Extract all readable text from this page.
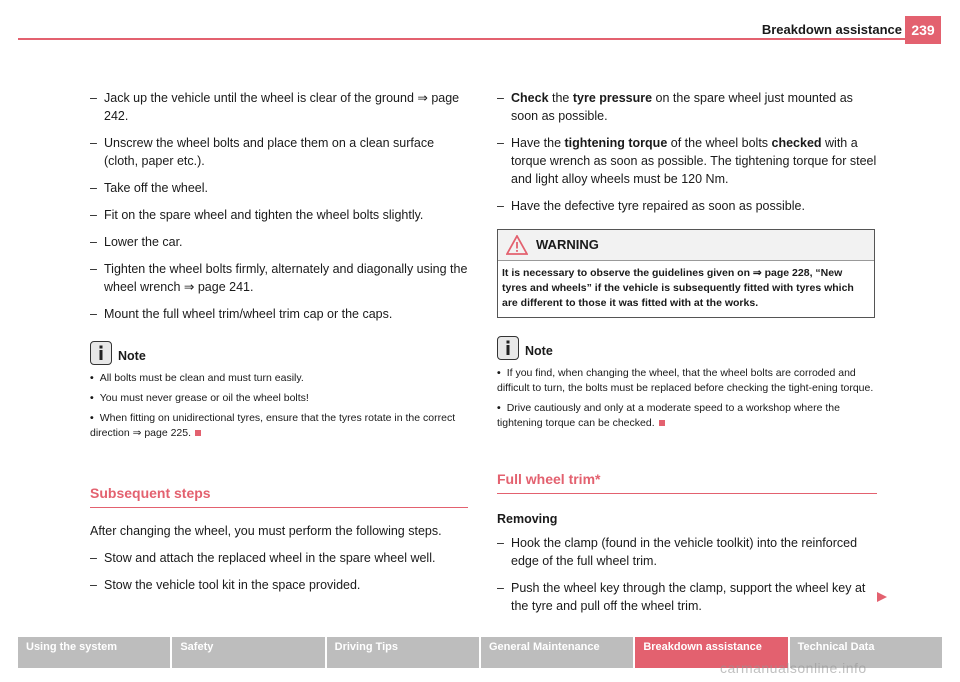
Breakdown assistance 239

– Jack up the vehicle until the wheel is clear of the ground ⇒ page 242.

– Unscrew the wheel bolts and place them on a clean surface (cloth, paper etc.).

– Take off the wheel.

– Fit on the spare wheel and tighten the wheel bolts slightly.

– Lower the car.

– Tighten the wheel bolts firmly, alternately and diagonally using the wheel wrench ⇒ page 241.

– Mount the full wheel trim/wheel trim cap or the caps.

Note

• All bolts must be clean and must turn easily.

• You must never grease or oil the wheel bolts!

• When fitting on unidirectional tyres, ensure that the tyres rotate in the correct direction ⇒ page 225.

Subsequent steps

After changing the wheel, you must perform the following steps.

– Stow and attach the replaced wheel in the spare wheel well.

– Stow the vehicle tool kit in the space provided.

– Check the tyre pressure on the spare wheel just mounted as soon as possible.

– Have the tightening torque of the wheel bolts checked with a torque wrench as soon as possible. The tightening torque for steel and light alloy wheels must be 120 Nm.

– Have the defective tyre repaired as soon as possible.

WARNING
It is necessary to observe the guidelines given on ⇒ page 228, “New tyres and wheels” if the vehicle is subsequently fitted with tyres which are different to those it was fitted with at the works.
Note

• If you find, when changing the wheel, that the wheel bolts are corroded and difficult to turn, the bolts must be replaced before checking the tight-ening torque.

• Drive cautiously and only at a moderate speed to a workshop where the tightening torque can be checked.

Full wheel trim*
Removing

– Hook the clamp (found in the vehicle toolkit) into the reinforced edge of the full wheel trim.

– Push the wheel key through the clamp, support the wheel key at the tyre and pull off the wheel trim.

Using the system	Safety	Driving Tips	General Maintenance	Breakdown assistance	Technical Data
carmanualsonline.info
